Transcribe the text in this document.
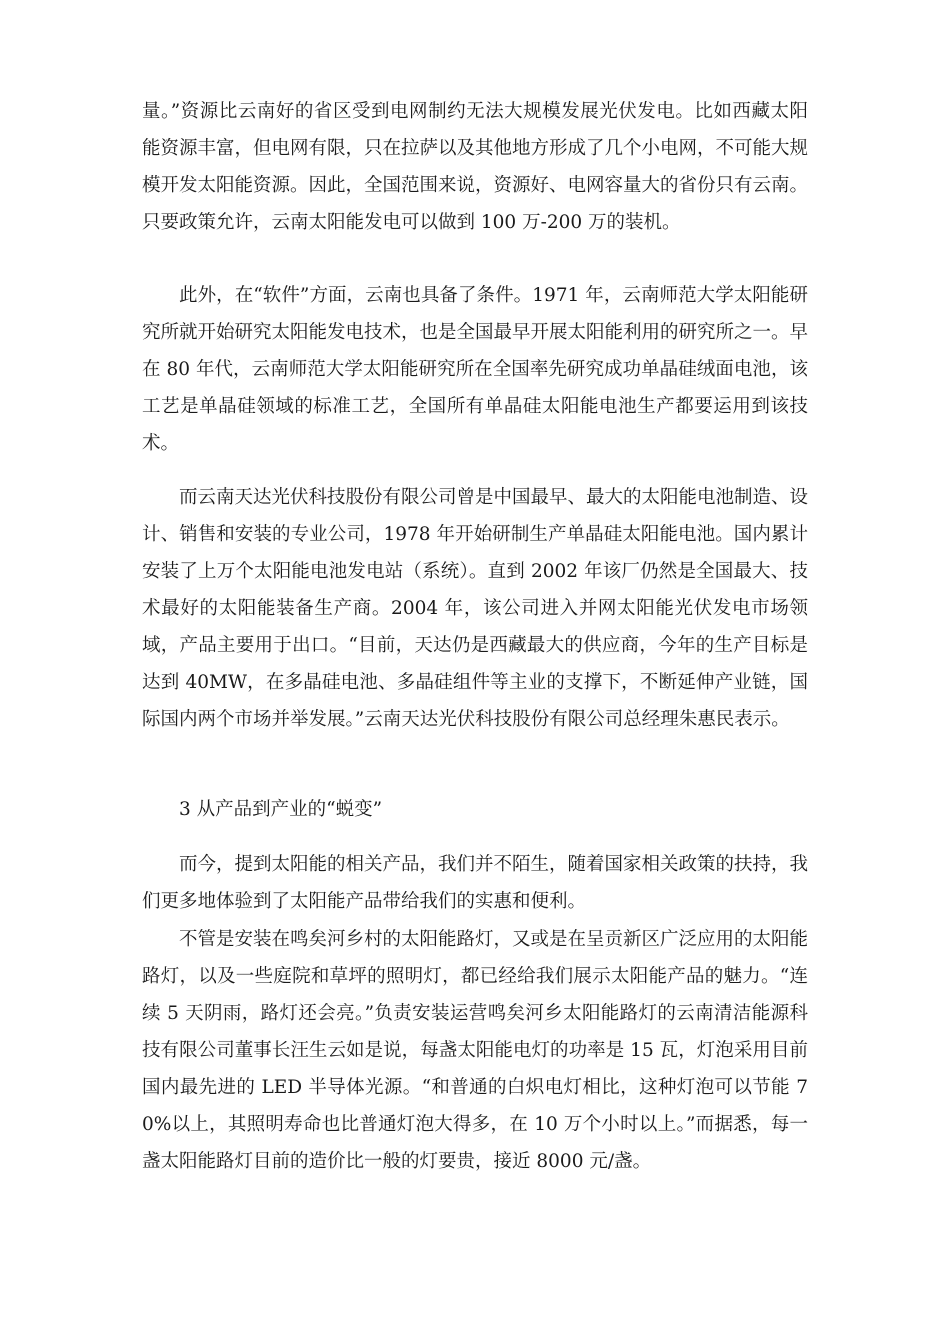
量。”资源比云南好的省区受到电网制约无法大规模发展光伏发电。比如西藏太阳能资源丰富，但电网有限，只在拉萨以及其他地方形成了几个小电网，不可能大规模开发太阳能资源。因此，全国范围来说，资源好、电网容量大的省份只有云南。只要政策允许，云南太阳能发电可以做到 100 万-200 万的装机。

此外，在“软件”方面，云南也具备了条件。1971 年，云南师范大学太阳能研究所就开始研究太阳能发电技术，也是全国最早开展太阳能利用的研究所之一。早在 80 年代，云南师范大学太阳能研究所在全国率先研究成功单晶硅绒面电池，该工艺是单晶硅领域的标准工艺，全国所有单晶硅太阳能电池生产都要运用到该技术。

而云南天达光伏科技股份有限公司曾是中国最早、最大的太阳能电池制造、设计、销售和安装的专业公司，1978 年开始研制生产单晶硅太阳能电池。国内累计安装了上万个太阳能电池发电站（系统）。直到 2002 年该厂仍然是全国最大、技术最好的太阳能装备生产商。2004 年，该公司进入并网太阳能光伏发电市场领域，产品主要用于出口。“目前，天达仍是西藏最大的供应商，今年的生产目标是达到 40MW，在多晶硅电池、多晶硅组件等主业的支撑下，不断延伸产业链，国际国内两个市场并举发展。”云南天达光伏科技股份有限公司总经理朱惠民表示。

3 从产品到产业的“蜕变”

而今，提到太阳能的相关产品，我们并不陌生，随着国家相关政策的扶持，我们更多地体验到了太阳能产品带给我们的实惠和便利。

不管是安装在鸣矣河乡村的太阳能路灯，又或是在呈贡新区广泛应用的太阳能路灯，以及一些庭院和草坪的照明灯，都已经给我们展示太阳能产品的魅力。“连续 5 天阴雨，路灯还会亮。”负责安装运营鸣矣河乡太阳能路灯的云南清洁能源科技有限公司董事长汪生云如是说，每盏太阳能电灯的功率是 15 瓦，灯泡采用目前国内最先进的 LED 半导体光源。“和普通的白炽电灯相比，这种灯泡可以节能 70%以上，其照明寿命也比普通灯泡大得多，在 10 万个小时以上。”而据悉，每一盏太阳能路灯目前的造价比一般的灯要贵，接近 8000 元/盏。
